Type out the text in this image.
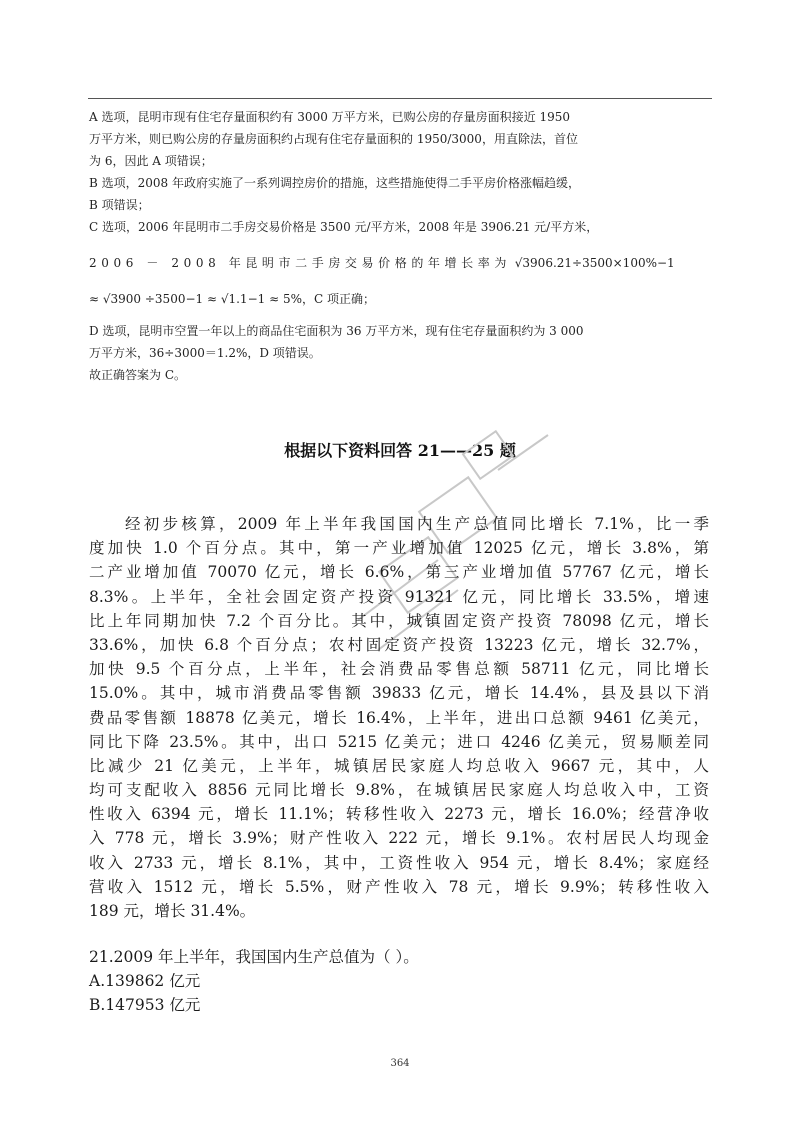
A 选项，昆明市现有住宅存量面积约有 3000 万平方米，已购公房的存量房面积接近 1950
万平方米，则已购公房的存量房面积约占现有住宅存量面积的 1950/3000，用直除法，首位
为 6，因此 A 项错误；
B 选项，2008 年政府实施了一系列调控房价的措施，这些措施使得二手平房价格涨幅趋缓，
B 项错误；
C 选项，2006 年昆明市二手房交易价格是 3500 元/平方米，2008 年是 3906.21 元/平方米，
2006 － 2008 年昆明市二手房交易价格的年增长率为 √3906.21÷3500×100%−1
≈ √3900 ÷3500−1 ≈ √1.1−1 ≈ 5%，C 项正确；
D 选项，昆明市空置一年以上的商品住宅面积为 36 万平方米，现有住宅存量面积约为 3 000
万平方米，36÷3000＝1.2%，D 项错误。
故正确答案为 C。
根据以下资料回答 21——25 题
经初步核算，2009 年上半年我国国内生产总值同比增长 7.1%，比一季
度加快 1.0 个百分点。其中，第一产业增加值 12025 亿元，增长 3.8%，第
二产业增加值 70070 亿元，增长 6.6%，第三产业增加值 57767 亿元，增长
8.3%。上半年，全社会固定资产投资 91321 亿元，同比增长 33.5%，增速
比上年同期加快 7.2 个百分比。其中，城镇固定资产投资 78098 亿元，增长
33.6%，加快 6.8 个百分点；农村固定资产投资 13223 亿元，增长 32.7%，
加快 9.5 个百分点，上半年，社会消费品零售总额 58711 亿元，同比增长
15.0%。其中，城市消费品零售额 39833 亿元，增长 14.4%，县及县以下消
费品零售额 18878 亿美元，增长 16.4%，上半年，进出口总额 9461 亿美元，
同比下降 23.5%。其中，出口 5215 亿美元；进口 4246 亿美元，贸易顺差同
比减少 21 亿美元，上半年，城镇居民家庭人均总收入 9667 元，其中，人
均可支配收入 8856 元同比增长 9.8%，在城镇居民家庭人均总收入中，工资
性收入 6394 元，增长 11.1%；转移性收入 2273 元，增长 16.0%；经营净收
入 778 元，增长 3.9%；财产性收入 222 元，增长 9.1%。农村居民人均现金
收入 2733 元，增长 8.1%，其中，工资性收入 954 元，增长 8.4%；家庭经
营收入 1512 元，增长 5.5%，财产性收入 78 元，增长 9.9%；转移性收入
189 元，增长 31.4%。
21.2009 年上半年，我国国内生产总值为（ ）。
A.139862 亿元
B.147953 亿元
364
